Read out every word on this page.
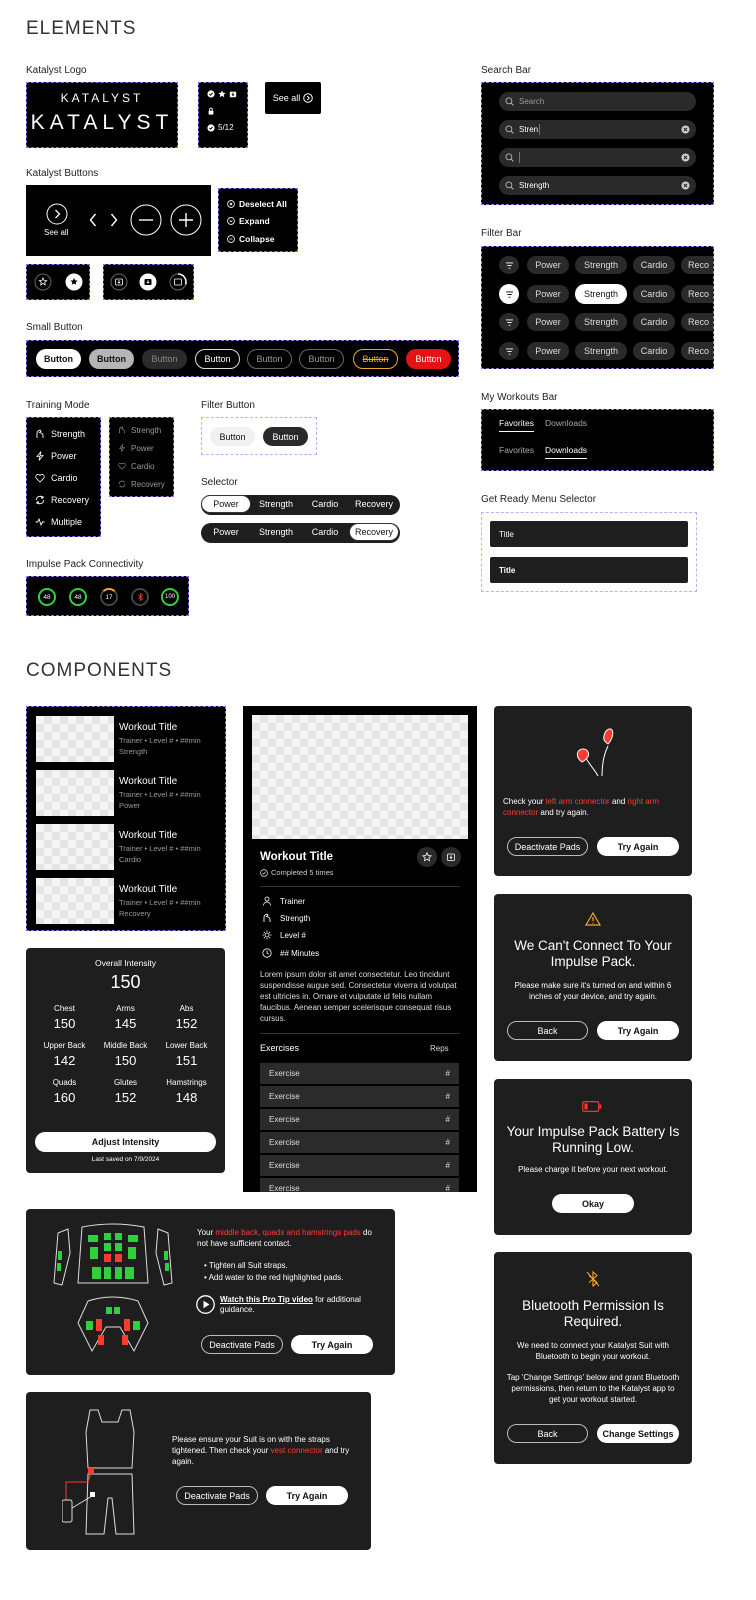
ELEMENTS
Katalyst Logo
KATALYST
KATALYST	5/12
See all
Katalyst Buttons
See all
Deselect All
Expand
Collapse
Small Button
Button	Button	Button	Button	Button	Button	Button	Button
Training Mode
Strength
Power
Cardio
Recovery
Multiple
Strength
Power
Cardio
Recovery
Filter Button
Button	Button
Selector
Power	Strength	Cardio	Recovery
Power	Strength	Cardio	Recovery
Impulse Pack Connectivity
48	48	17	100
Search Bar
Search
Stren
Strength
Filter Bar
Power	Strength	Cardio	Reco
Power	Strength	Cardio	Reco
Power	Strength	Cardio	Reco
Power	Strength	Cardio	Reco
My Workouts Bar
Favorites Downloads
Favorites Downloads
Get Ready Menu Selector
Title
Title
COMPONENTS
Workout Title
Trainer • Level # • ##min
Strength
Workout Title
Trainer • Level # • ##min
Power
Workout Title
Trainer • Level # • ##min
Cardio
Workout Title
Trainer • Level # • ##min
Recovery
Overall Intensity
150
Chest
150
Arms
145
Abs
152
Upper Back
142
Middle Back
150
Lower Back
151
Quads
160
Glutes
152
Hamstrings
148
Adjust Intensity
Last saved on 7/9/2024
Workout Title
Completed 5 times
Trainer
Strength
Level #
## Minutes
Lorem ipsum dolor sit amet consectetur. Leo tincidunt suspendisse augue sed. Consectetur viverra id volutpat est ultricies in. Ornare et vulputate id felis nullam faucibus. Aenean semper scelerisque consequat risus cursus.
Exercises	Reps
Exercise	#
Exercise	#
Exercise	#
Exercise	#
Exercise	#
Exercise	#
Check your left arm connector and right arm connector and try again.
Deactivate Pads	Try Again
We Can't Connect To Your Impulse Pack.
Please make sure it's turned on and within 6 inches of your device, and try again.
Back	Try Again
Your Impulse Pack Battery Is Running Low.
Please charge it before your next workout.
Okay
Bluetooth Permission Is Required.
We need to connect your Katalyst Suit with Bluetooth to begin your workout.
Tap 'Change Settings' below and grant Bluetooth permissions, then return to the Katalyst app to get your workout started.
Back	Change Settings
Your middle back, quads and hamstrings pads do not have sufficient contact.
• Tighten all Suit straps.
• Add water to the red highlighted pads.
Watch this Pro Tip video for additional guidance.
Deactivate Pads	Try Again
Please ensure your Suit is on with the straps tightened. Then check your vest connector and try again.
Deactivate Pads	Try Again
